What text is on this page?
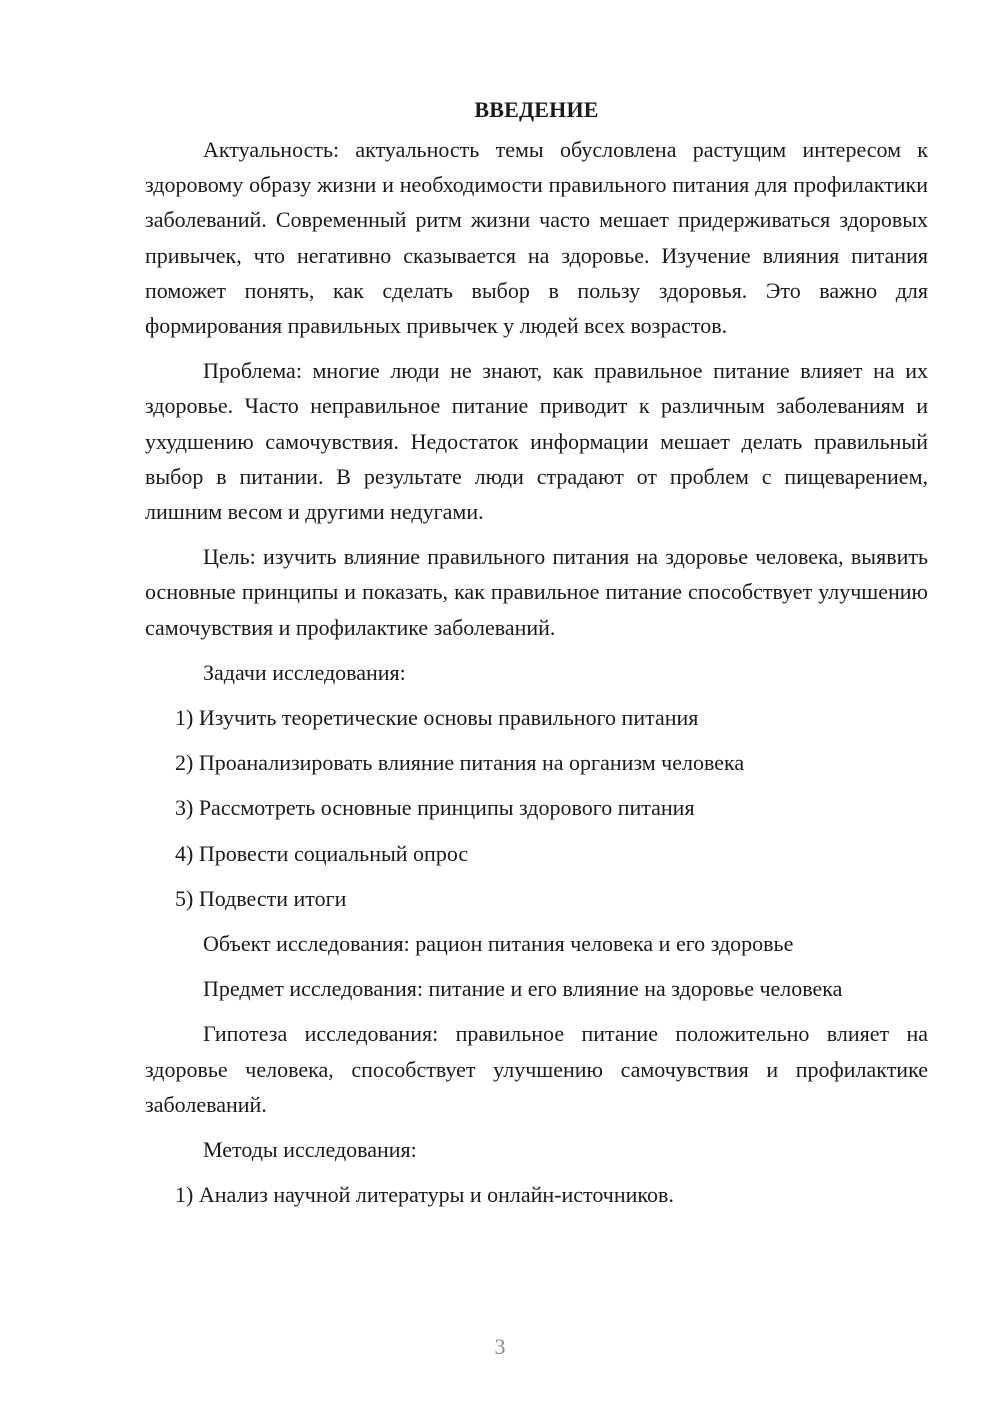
ВВЕДЕНИЕ

Актуальность: актуальность темы обусловлена растущим интересом к здоровому образу жизни и необходимости правильного питания для профилактики заболеваний. Современный ритм жизни часто мешает придерживаться здоровых привычек, что негативно сказывается на здоровье. Изучение влияния питания поможет понять, как сделать выбор в пользу здоровья. Это важно для формирования правильных привычек у людей всех возрастов.

Проблема: многие люди не знают, как правильное питание влияет на их здоровье. Часто неправильное питание приводит к различным заболеваниям и ухудшению самочувствия. Недостаток информации мешает делать правильный выбор в питании. В результате люди страдают от проблем с пищеварением, лишним весом и другими недугами.

Цель: изучить влияние правильного питания на здоровье человека, выявить основные принципы и показать, как правильное питание способствует улучшению самочувствия и профилактике заболеваний.

Задачи исследования:
1) Изучить теоретические основы правильного питания
2) Проанализировать влияние питания на организм человека
3) Рассмотреть основные принципы здорового питания
4) Провести социальный опрос
5) Подвести итоги
Объект исследования: рацион питания человека и его здоровье
Предмет исследования: питание и его влияние на здоровье человека

Гипотеза исследования: правильное питание положительно влияет на здоровье человека, способствует улучшению самочувствия и профилактике заболеваний.

Методы исследования:
1) Анализ научной литературы и онлайн-источников.
3
